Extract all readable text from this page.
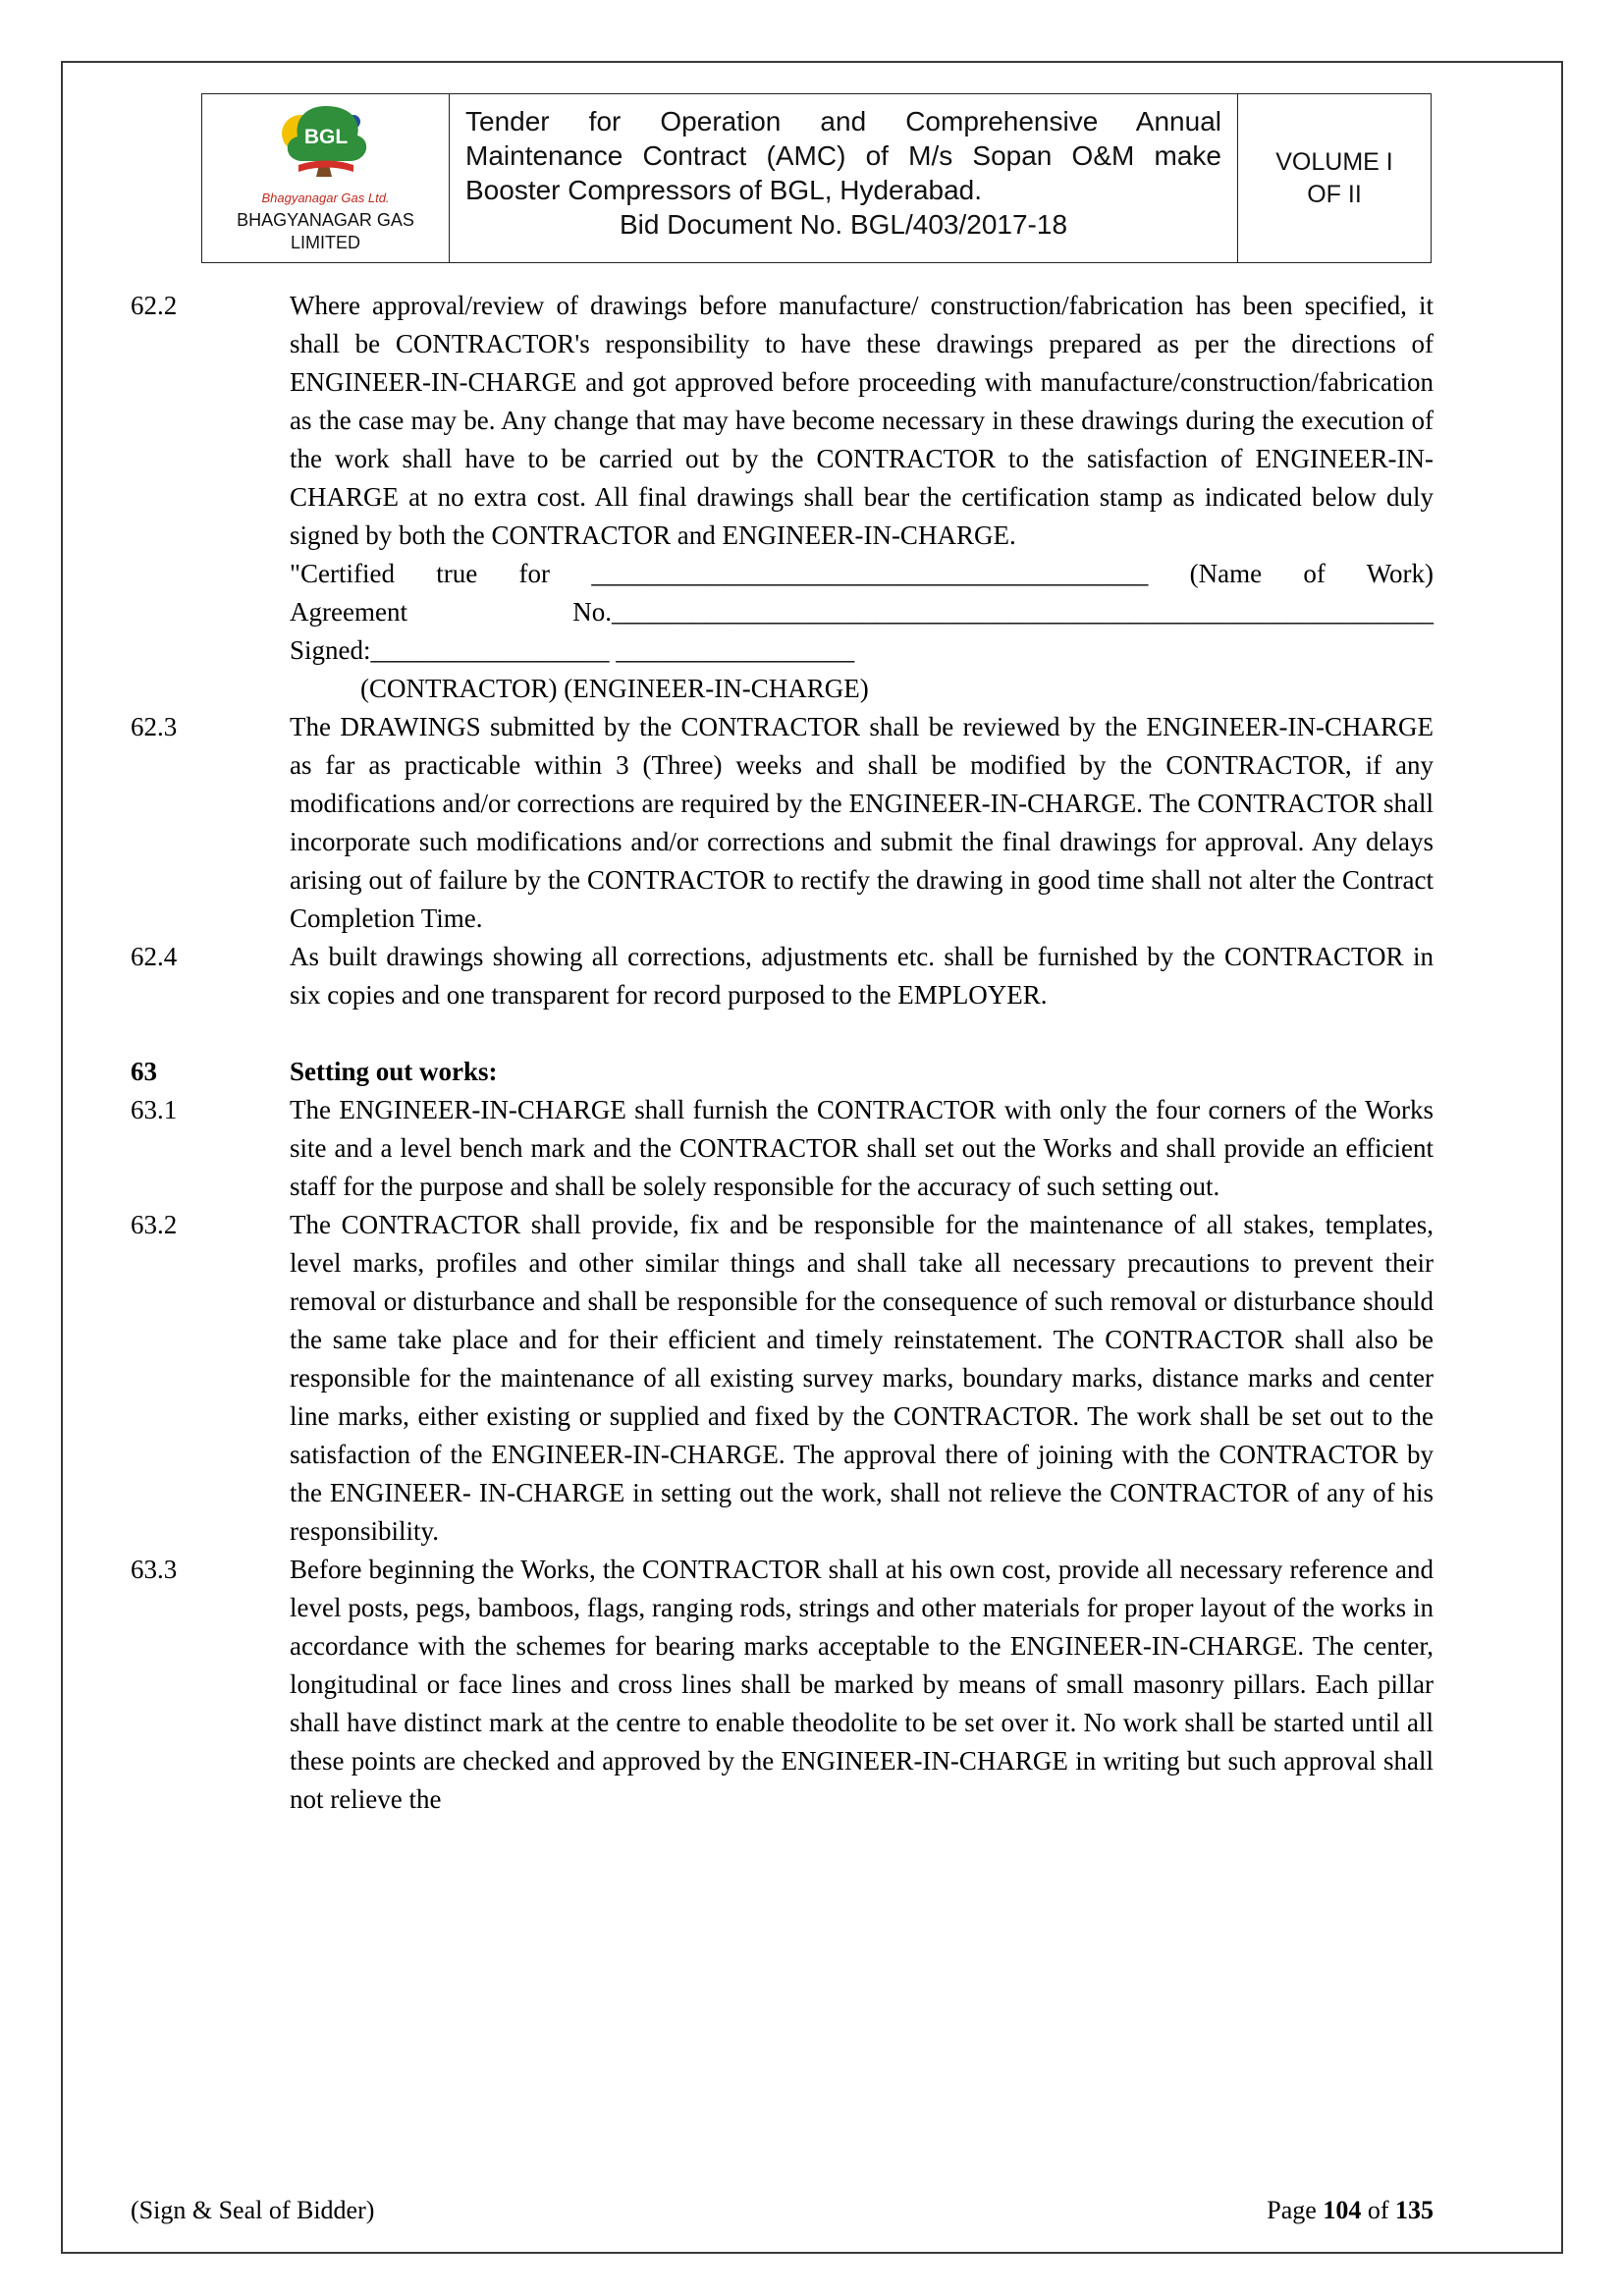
BGL
Bhagyanagar Gas Ltd.
BHAGYANAGAR GAS
LIMITED
Tender for Operation and Comprehensive Annual Maintenance Contract (AMC) of M/s Sopan O&M make Booster Compressors of BGL, Hyderabad.
Bid Document No. BGL/403/2017-18
VOLUME I
OF II
62.2	Where approval/review of drawings before manufacture/ construction/fabrication has been specified, it shall be CONTRACTOR's responsibility to have these drawings prepared as per the directions of ENGINEER-IN-CHARGE and got approved before proceeding with manufacture/construction/fabrication as the case may be. Any change that may have become necessary in these drawings during the execution of the work shall have to be carried out by the CONTRACTOR to the satisfaction of ENGINEER-IN-CHARGE at no extra cost. All final drawings shall bear the certification stamp as indicated below duly signed by both the CONTRACTOR and ENGINEER-IN-CHARGE.
"Certified true for __________________________________________ (Name of Work)
Agreement No.______________________________________________________________
Signed:__________________ __________________
(CONTRACTOR) (ENGINEER-IN-CHARGE)
62.3	The DRAWINGS submitted by the CONTRACTOR shall be reviewed by the ENGINEER-IN-CHARGE as far as practicable within 3 (Three) weeks and shall be modified by the CONTRACTOR, if any modifications and/or corrections are required by the ENGINEER-IN-CHARGE. The CONTRACTOR shall incorporate such modifications and/or corrections and submit the final drawings for approval. Any delays arising out of failure by the CONTRACTOR to rectify the drawing in good time shall not alter the Contract Completion Time.
62.4	As built drawings showing all corrections, adjustments etc. shall be furnished by the CONTRACTOR in six copies and one transparent for record purposed to the EMPLOYER.
63	Setting out works:
63.1	The ENGINEER-IN-CHARGE shall furnish the CONTRACTOR with only the four corners of the Works site and a level bench mark and the CONTRACTOR shall set out the Works and shall provide an efficient staff for the purpose and shall be solely responsible for the accuracy of such setting out.
63.2	The CONTRACTOR shall provide, fix and be responsible for the maintenance of all stakes, templates, level marks, profiles and other similar things and shall take all necessary precautions to prevent their removal or disturbance and shall be responsible for the consequence of such removal or disturbance should the same take place and for their efficient and timely reinstatement. The CONTRACTOR shall also be responsible for the maintenance of all existing survey marks, boundary marks, distance marks and center line marks, either existing or supplied and fixed by the CONTRACTOR. The work shall be set out to the satisfaction of the ENGINEER-IN-CHARGE. The approval there of joining with the CONTRACTOR by the ENGINEER- IN-CHARGE in setting out the work, shall not relieve the CONTRACTOR of any of his responsibility.
63.3	Before beginning the Works, the CONTRACTOR shall at his own cost, provide all necessary reference and level posts, pegs, bamboos, flags, ranging rods, strings and other materials for proper layout of the works in accordance with the schemes for bearing marks acceptable to the ENGINEER-IN-CHARGE. The center, longitudinal or face lines and cross lines shall be marked by means of small masonry pillars. Each pillar shall have distinct mark at the centre to enable theodolite to be set over it. No work shall be started until all these points are checked and approved by the ENGINEER-IN-CHARGE in writing but such approval shall not relieve the
(Sign & Seal of Bidder)	Page 104 of 135
